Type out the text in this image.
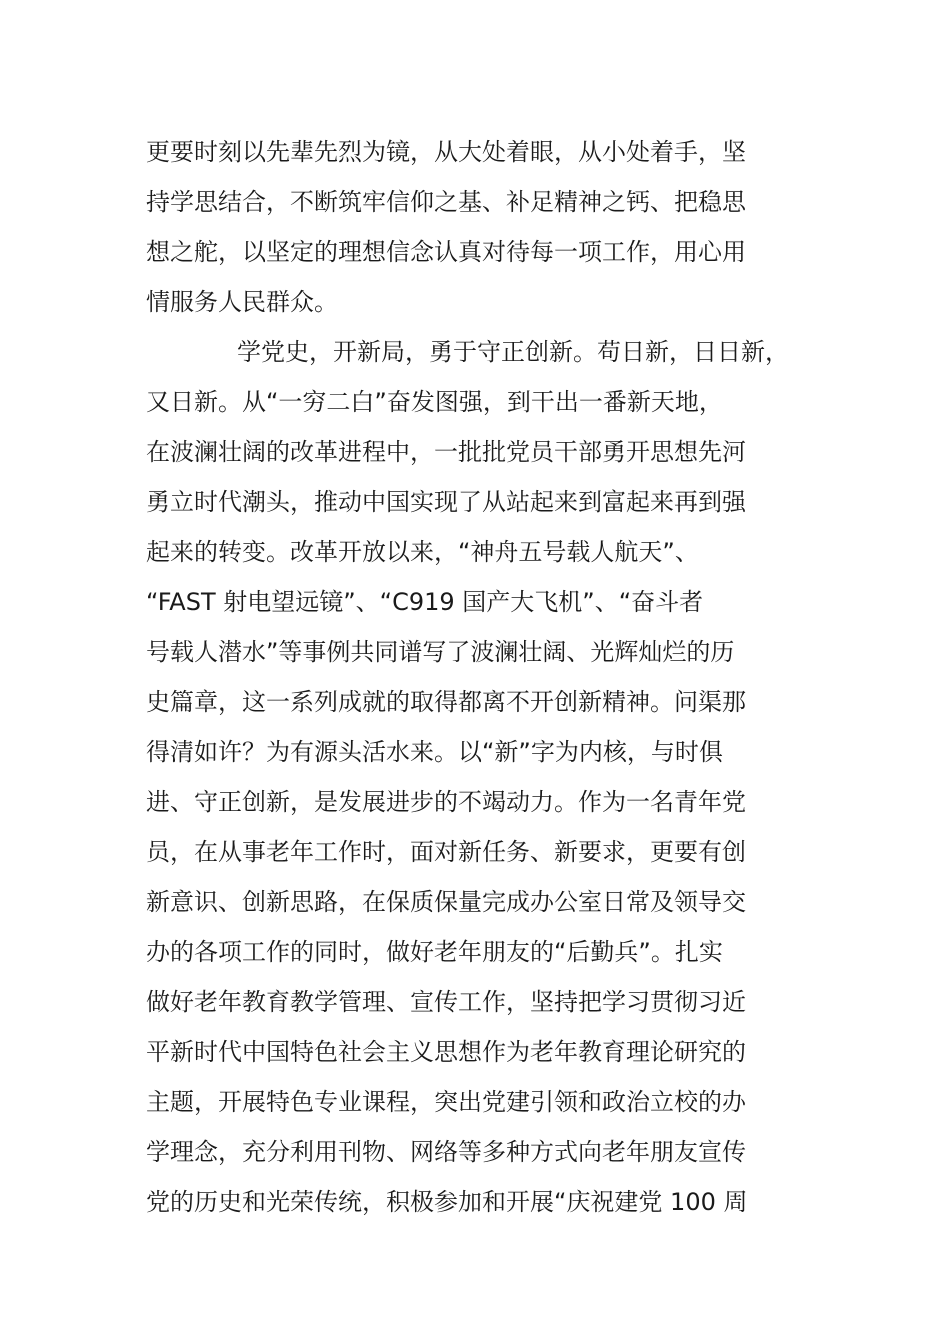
更要时刻以先辈先烈为镜，从大处着眼，从小处着手，坚
持学思结合，不断筑牢信仰之基、补足精神之钙、把稳思
想之舵，以坚定的理想信念认真对待每一项工作，用心用
情服务人民群众。
学党史，开新局，勇于守正创新。苟日新，日日新，
又日新。从“一穷二白”奋发图强，到干出一番新天地，
在波澜壮阔的改革进程中，一批批党员干部勇开思想先河
勇立时代潮头，推动中国实现了从站起来到富起来再到强
起来的转变。改革开放以来，“神舟五号载人航天”、
“FAST 射电望远镜”、“C919 国产大飞机”、“奋斗者
号载人潜水”等事例共同谱写了波澜壮阔、光辉灿烂的历
史篇章，这一系列成就的取得都离不开创新精神。问渠那
得清如许？为有源头活水来。以“新”字为内核，与时俱
进、守正创新，是发展进步的不竭动力。作为一名青年党
员，在从事老年工作时，面对新任务、新要求，更要有创
新意识、创新思路，在保质保量完成办公室日常及领导交
办的各项工作的同时，做好老年朋友的“后勤兵”。扎实
做好老年教育教学管理、宣传工作，坚持把学习贯彻习近
平新时代中国特色社会主义思想作为老年教育理论研究的
主题，开展特色专业课程，突出党建引领和政治立校的办
学理念，充分利用刊物、网络等多种方式向老年朋友宣传
党的历史和光荣传统，积极参加和开展“庆祝建党 100 周
